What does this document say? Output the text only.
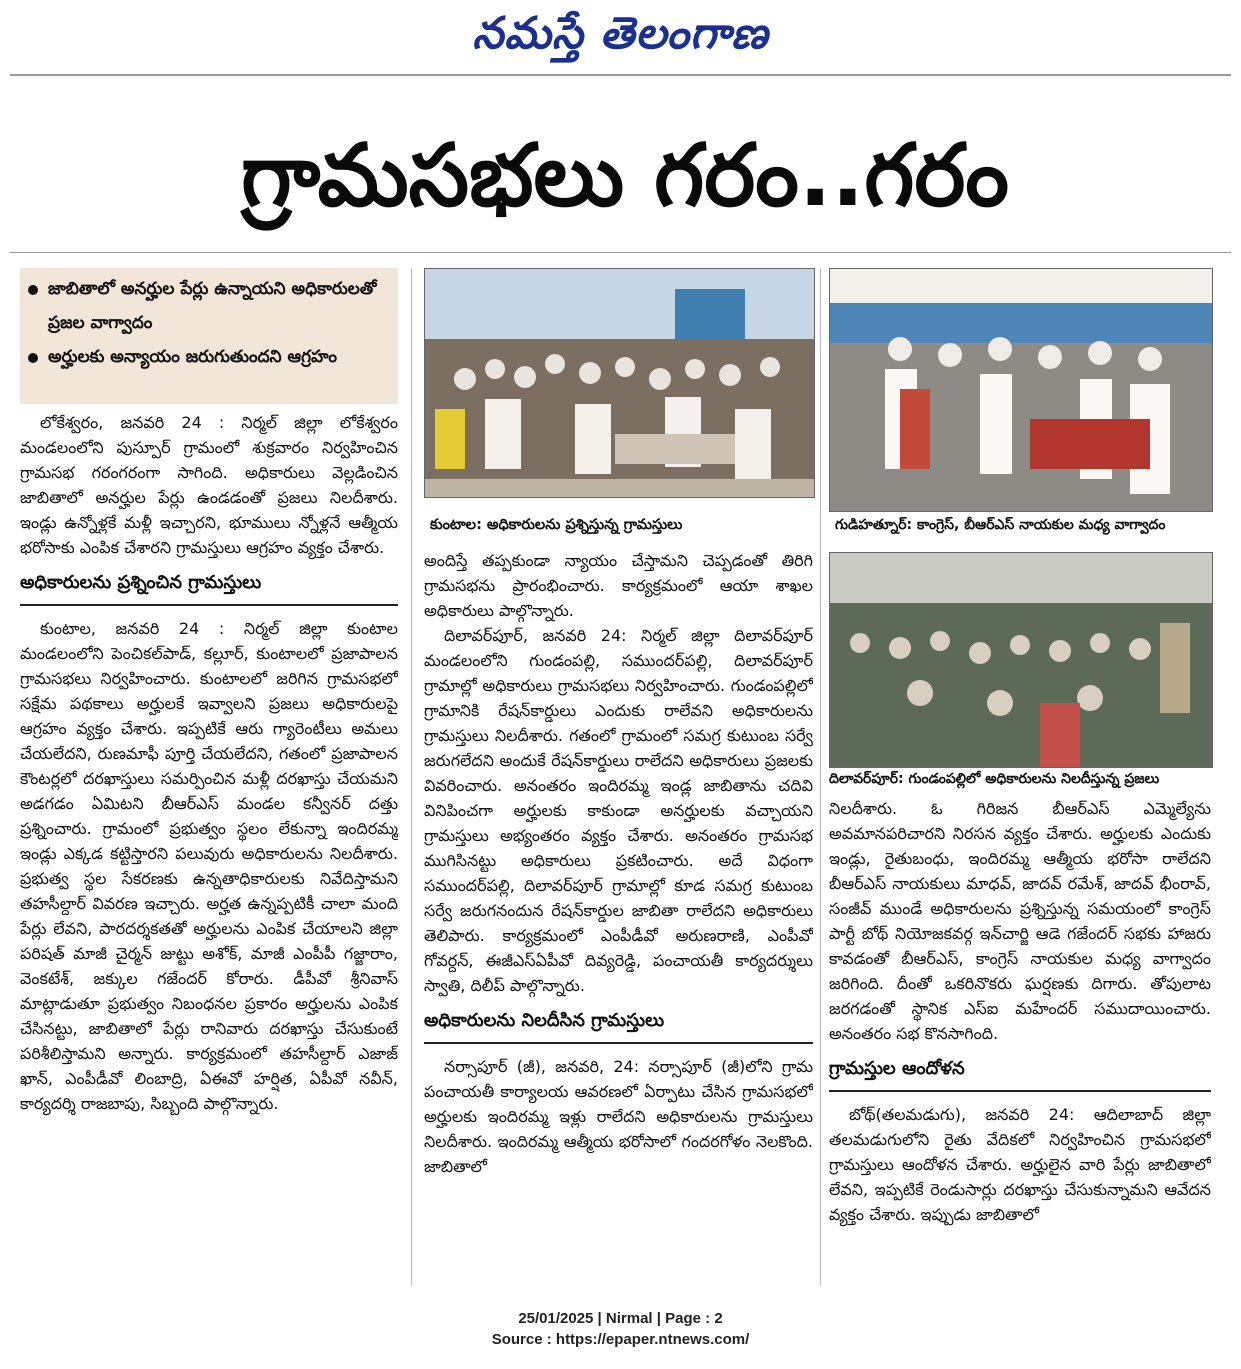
నమస్తే తెలంగాణ
గ్రామసభలు గరం..గరం
జాబితాలో అనర్హుల పేర్లు ఉన్నాయని అధికారులతో ప్రజల వాగ్వాదం
అర్హులకు అన్యాయం జరుగుతుందని ఆగ్రహం

లోకేశ్వరం, జనవరి 24 : నిర్మల్ జిల్లా లోకేశ్వరం మండలంలోని పుస్పూర్ గ్రామంలో శుక్రవారం నిర్వహించిన గ్రామసభ గరంగరంగా సాగింది. అధికారులు వెల్లడించిన జాబితాలో అనర్హుల పేర్లు ఉండడంతో ప్రజలు నిలదీశారు. ఇండ్లు ఉన్నోళ్లకే మళ్లీ ఇచ్చారని, భూములు న్నోళ్లనే ఆత్మీయ భరోసాకు ఎంపిక చేశారని గ్రామస్తులు ఆగ్రహం వ్యక్తం చేశారు.

అధికారులను ప్రశ్నించిన గ్రామస్తులు

కుంటాల, జనవరి 24 : నిర్మల్ జిల్లా కుంటాల మండలంలోని పెంచికల్‌పాడ్, కల్లూర్, కుంటాలలో ప్రజాపాలన గ్రామసభలు నిర్వహించారు. కుంటాలలో జరిగిన గ్రామసభలో సక్షేమ పథకాలు అర్హులకే ఇవ్వాలని ప్రజలు అధికారులపై ఆగ్రహం వ్యక్తం చేశారు. ఇప్పటికే ఆరు గ్యారెంటీలు అమలు చేయలేదని, రుణమాఫీ పూర్తి చేయలేదని, గతంలో ప్రజాపాలన కౌంటర్లలో దరఖాస్తులు సమర్పించిన మళ్లీ దరఖాస్తు చేయమని అడగడం ఏమిటని బీఆర్‌ఎస్ మండల కన్వీనర్ దత్తు ప్రశ్నించారు. గ్రామంలో ప్రభుత్వం స్థలం లేకున్నా ఇందిరమ్మ ఇండ్లు ఎక్కడ కట్టిస్తారని పలువురు అధికారులను నిలదీశారు. ప్రభుత్వ స్థల సేకరణకు ఉన్నతాధికారులకు నివేదిస్తామని తహసీల్దార్ వివరణ ఇచ్చారు. అర్హత ఉన్నప్పటికీ చాలా మంది పేర్లు లేవని, పారదర్శకతతో అర్హులను ఎంపిక చేయాలని జిల్లా పరిషత్ మాజీ చైర్మన్ జుట్టు అశోక్, మాజీ ఎంపీపీ గజ్జారాం, వెంకటేశ్, జక్కుల గజేందర్ కోరారు. డీపీవో శ్రీనివాస్ మాట్లాడుతూ ప్రభుత్వం నిబంధనల ప్రకారం అర్హులను ఎంపిక చేసినట్టు, జాబితాలో పేర్లు రానివారు దరఖాస్తు చేసుకుంటే పరిశీలిస్తామని అన్నారు. కార్యక్రమంలో తహసీల్దార్ ఎజాజ్ ఖాన్, ఎంపీడీవో లింబాద్రి, ఏఈవో హర్షిత, ఏపీవో నవీన్, కార్యదర్శి రాజబాపు, సిబ్బంది పాల్గొన్నారు.

కుంటాల: అధికారులను ప్రశ్నిస్తున్న గ్రామస్తులు

అందిస్తే తప్పకుండా న్యాయం చేస్తామని చెప్పడంతో తిరిగి గ్రామసభను ప్రారంభించారు. కార్యక్రమంలో ఆయా శాఖల అధికారులు పాల్గొన్నారు.

దిలావర్‌పూర్, జనవరి 24: నిర్మల్ జిల్లా దిలావర్‌పూర్ మండలంలోని గుండంపల్లి, సముందర్‌పల్లి, దిలావర్‌పూర్ గ్రామాల్లో అధికారులు గ్రామసభలు నిర్వహించారు. గుండంపల్లిలో గ్రామానికి రేషన్‌కార్డులు ఎందుకు రాలేవని అధికారులను గ్రామస్తులు నిలదీశారు. గతంలో గ్రామంలో సమగ్ర కుటుంబ సర్వే జరుగలేదని అందుకే రేషన్‌కార్డులు రాలేదని అధికారులు ప్రజలకు వివరించారు. అనంతరం ఇందిరమ్మ ఇండ్ల జాబితాను చదివి వినిపించగా అర్హులకు కాకుండా అనర్హులకు వచ్చాయని గ్రామస్తులు అభ్యంతరం వ్యక్తం చేశారు. అనంతరం గ్రామసభ ముగిసినట్టు అధికారులు ప్రకటించారు. అదే విధంగా సముందర్‌పల్లి, దిలావర్‌పూర్ గ్రామాల్లో కూడ సమగ్ర కుటుంబ సర్వే జరుగనందున రేషన్‌కార్డుల జాబితా రాలేదని అధికారులు తెలిపారు. కార్యక్రమంలో ఎంపీడీవో అరుణరాణి, ఎంపీవో గోవర్దన్, ఈజీఎస్‌ఏపీవో దివ్యరెడ్డి, పంచాయతీ కార్యదర్శులు స్వాతి, దిలీప్ పాల్గొన్నారు.

అధికారులను నిలదీసిన గ్రామస్తులు

నర్సాపూర్ (జీ), జనవరి, 24: నర్సాపూర్ (జీ)లోని గ్రామ పంచాయతీ కార్యాలయ ఆవరణలో ఏర్పాటు చేసిన గ్రామసభలో అర్హులకు ఇందిరమ్మ ఇళ్లు రాలేదని అధికారులను గ్రామస్తులు నిలదీశారు. ఇందిరమ్మ ఆత్మీయ భరోసాలో గందరగోళం నెలకొంది. జాబితాలో

గుడిహత్నూర్: కాంగ్రెస్, బీఆర్‌ఎస్ నాయకుల మధ్య వాగ్వాదం
దిలావర్‌పూర్: గుండంపల్లిలో అధికారులను నిలదీస్తున్న ప్రజలు

నిలదీశారు. ఓ గిరిజన బీఆర్‌ఎస్ ఎమ్మెల్యేను అవమానపరిచారని నిరసన వ్యక్తం చేశారు. అర్హులకు ఎందుకు ఇండ్లు, రైతుబంధు, ఇందిరమ్మ ఆత్మీయ భరోసా రాలేదని బీఆర్‌ఎస్ నాయకులు మాధవ్, జాదవ్ రమేశ్, జాదవ్ భీంరావ్, సంజీవ్ ముండే అధికారులను ప్రశ్నిస్తున్న సమయంలో కాంగ్రెస్ పార్టీ బోథ్ నియోజకవర్గ ఇన్‌చార్జి ఆడె గజేందర్ సభకు హాజరు కావడంతో బీఆర్‌ఎస్, కాంగ్రెస్ నాయకుల మధ్య వాగ్వాదం జరిగింది. దీంతో ఒకరినొకరు ఘర్షణకు దిగారు. తోపులాట జరగడంతో స్థానిక ఎస్‌ఐ మహేందర్ సముదాయించారు. అనంతరం సభ కొనసాగింది.

గ్రామస్తుల ఆందోళన

బోథ్(తలమడుగు), జనవరి 24: ఆదిలాబాద్ జిల్లా తలమడుగులోని రైతు వేదికలో నిర్వహించిన గ్రామసభలో గ్రామస్తులు ఆందోళన చేశారు. అర్హులైన వారి పేర్లు జాబితాలో లేవని, ఇప్పటికే రెండుసార్లు దరఖాస్తు చేసుకున్నామని ఆవేదన వ్యక్తం చేశారు. ఇప్పుడు జాబితాలో

25/01/2025 | Nirmal | Page : 2
Source : https://epaper.ntnews.com/
